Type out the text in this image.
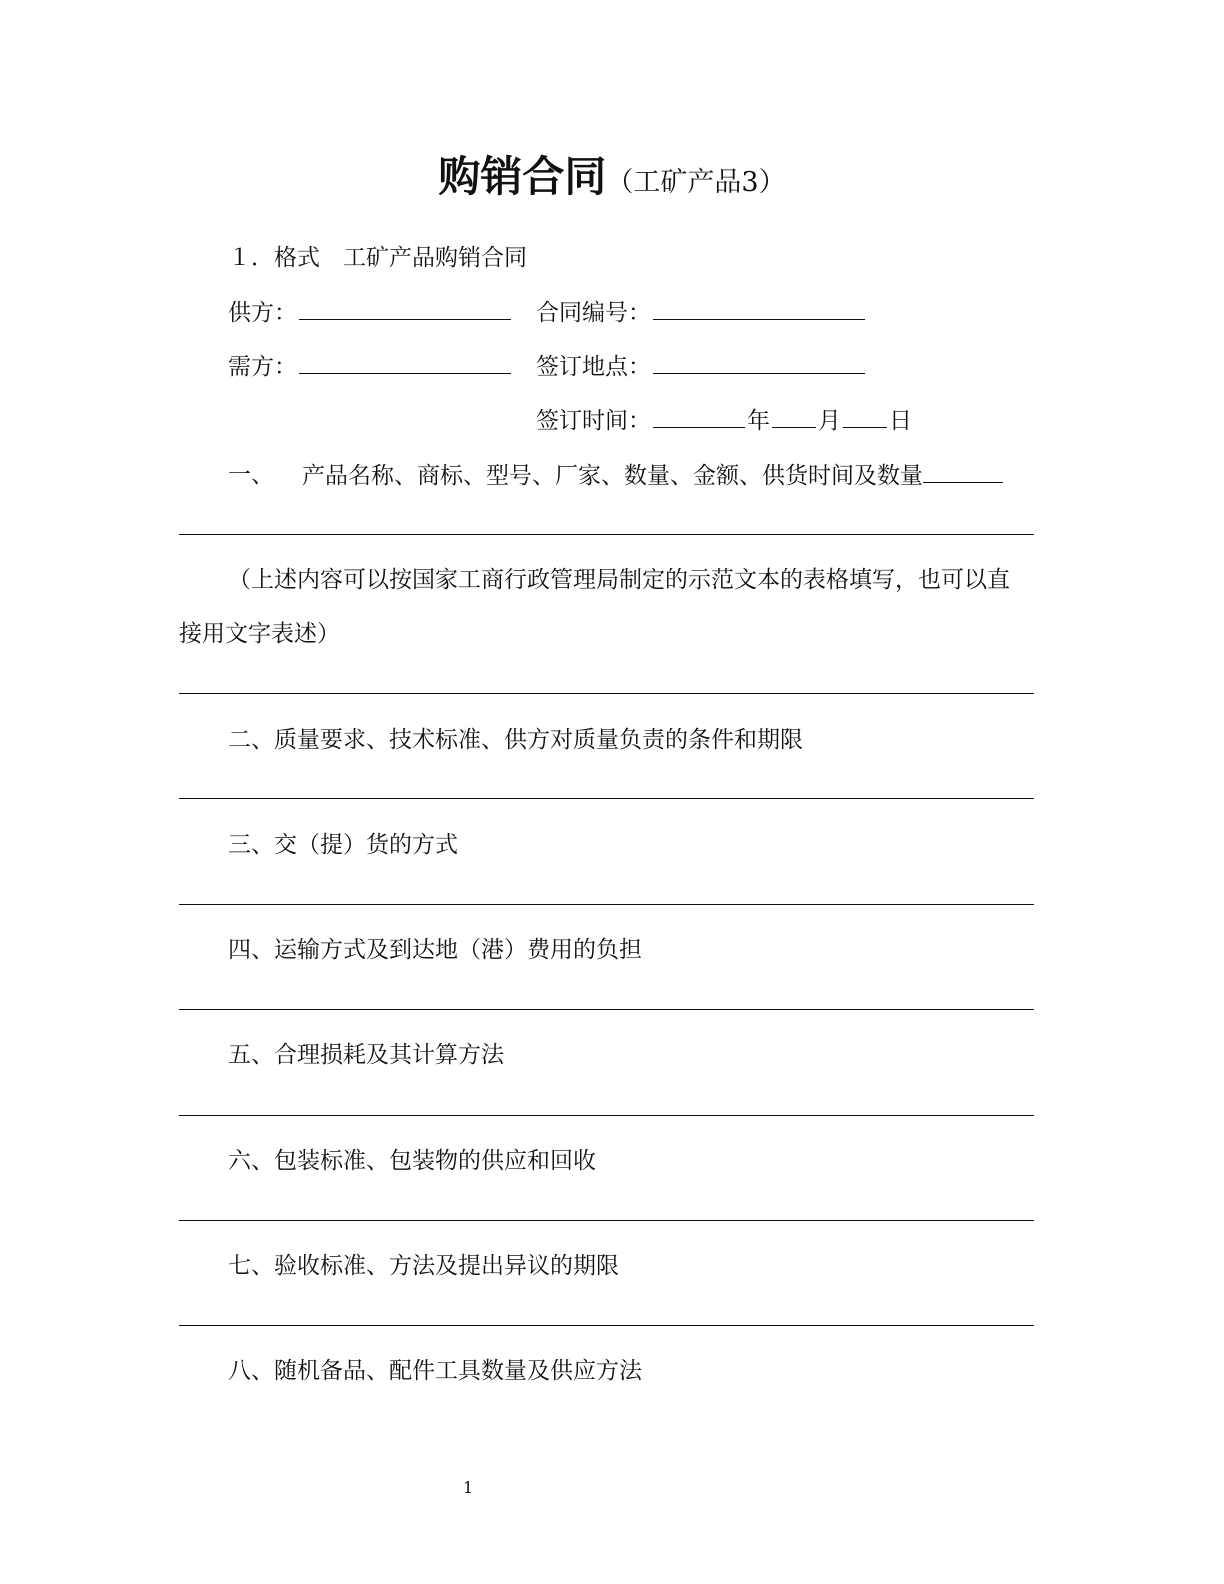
购销合同（工矿产品3）
１．格式　工矿产品购销合同
供方：	合同编号：
需方：	签订地点：
签订时间：	年 月 日
一、 产品名称、商标、型号、厂家、数量、金额、供货时间及数量
（上述内容可以按国家工商行政管理局制定的示范文本的表格填写，也可以直
接用文字表述）
二、质量要求、技术标准、供方对质量负责的条件和期限
三、交（提）货的方式
四、运输方式及到达地（港）费用的负担
五、合理损耗及其计算方法
六、包装标准、包装物的供应和回收
七、验收标准、方法及提出异议的期限
八、随机备品、配件工具数量及供应方法
1
